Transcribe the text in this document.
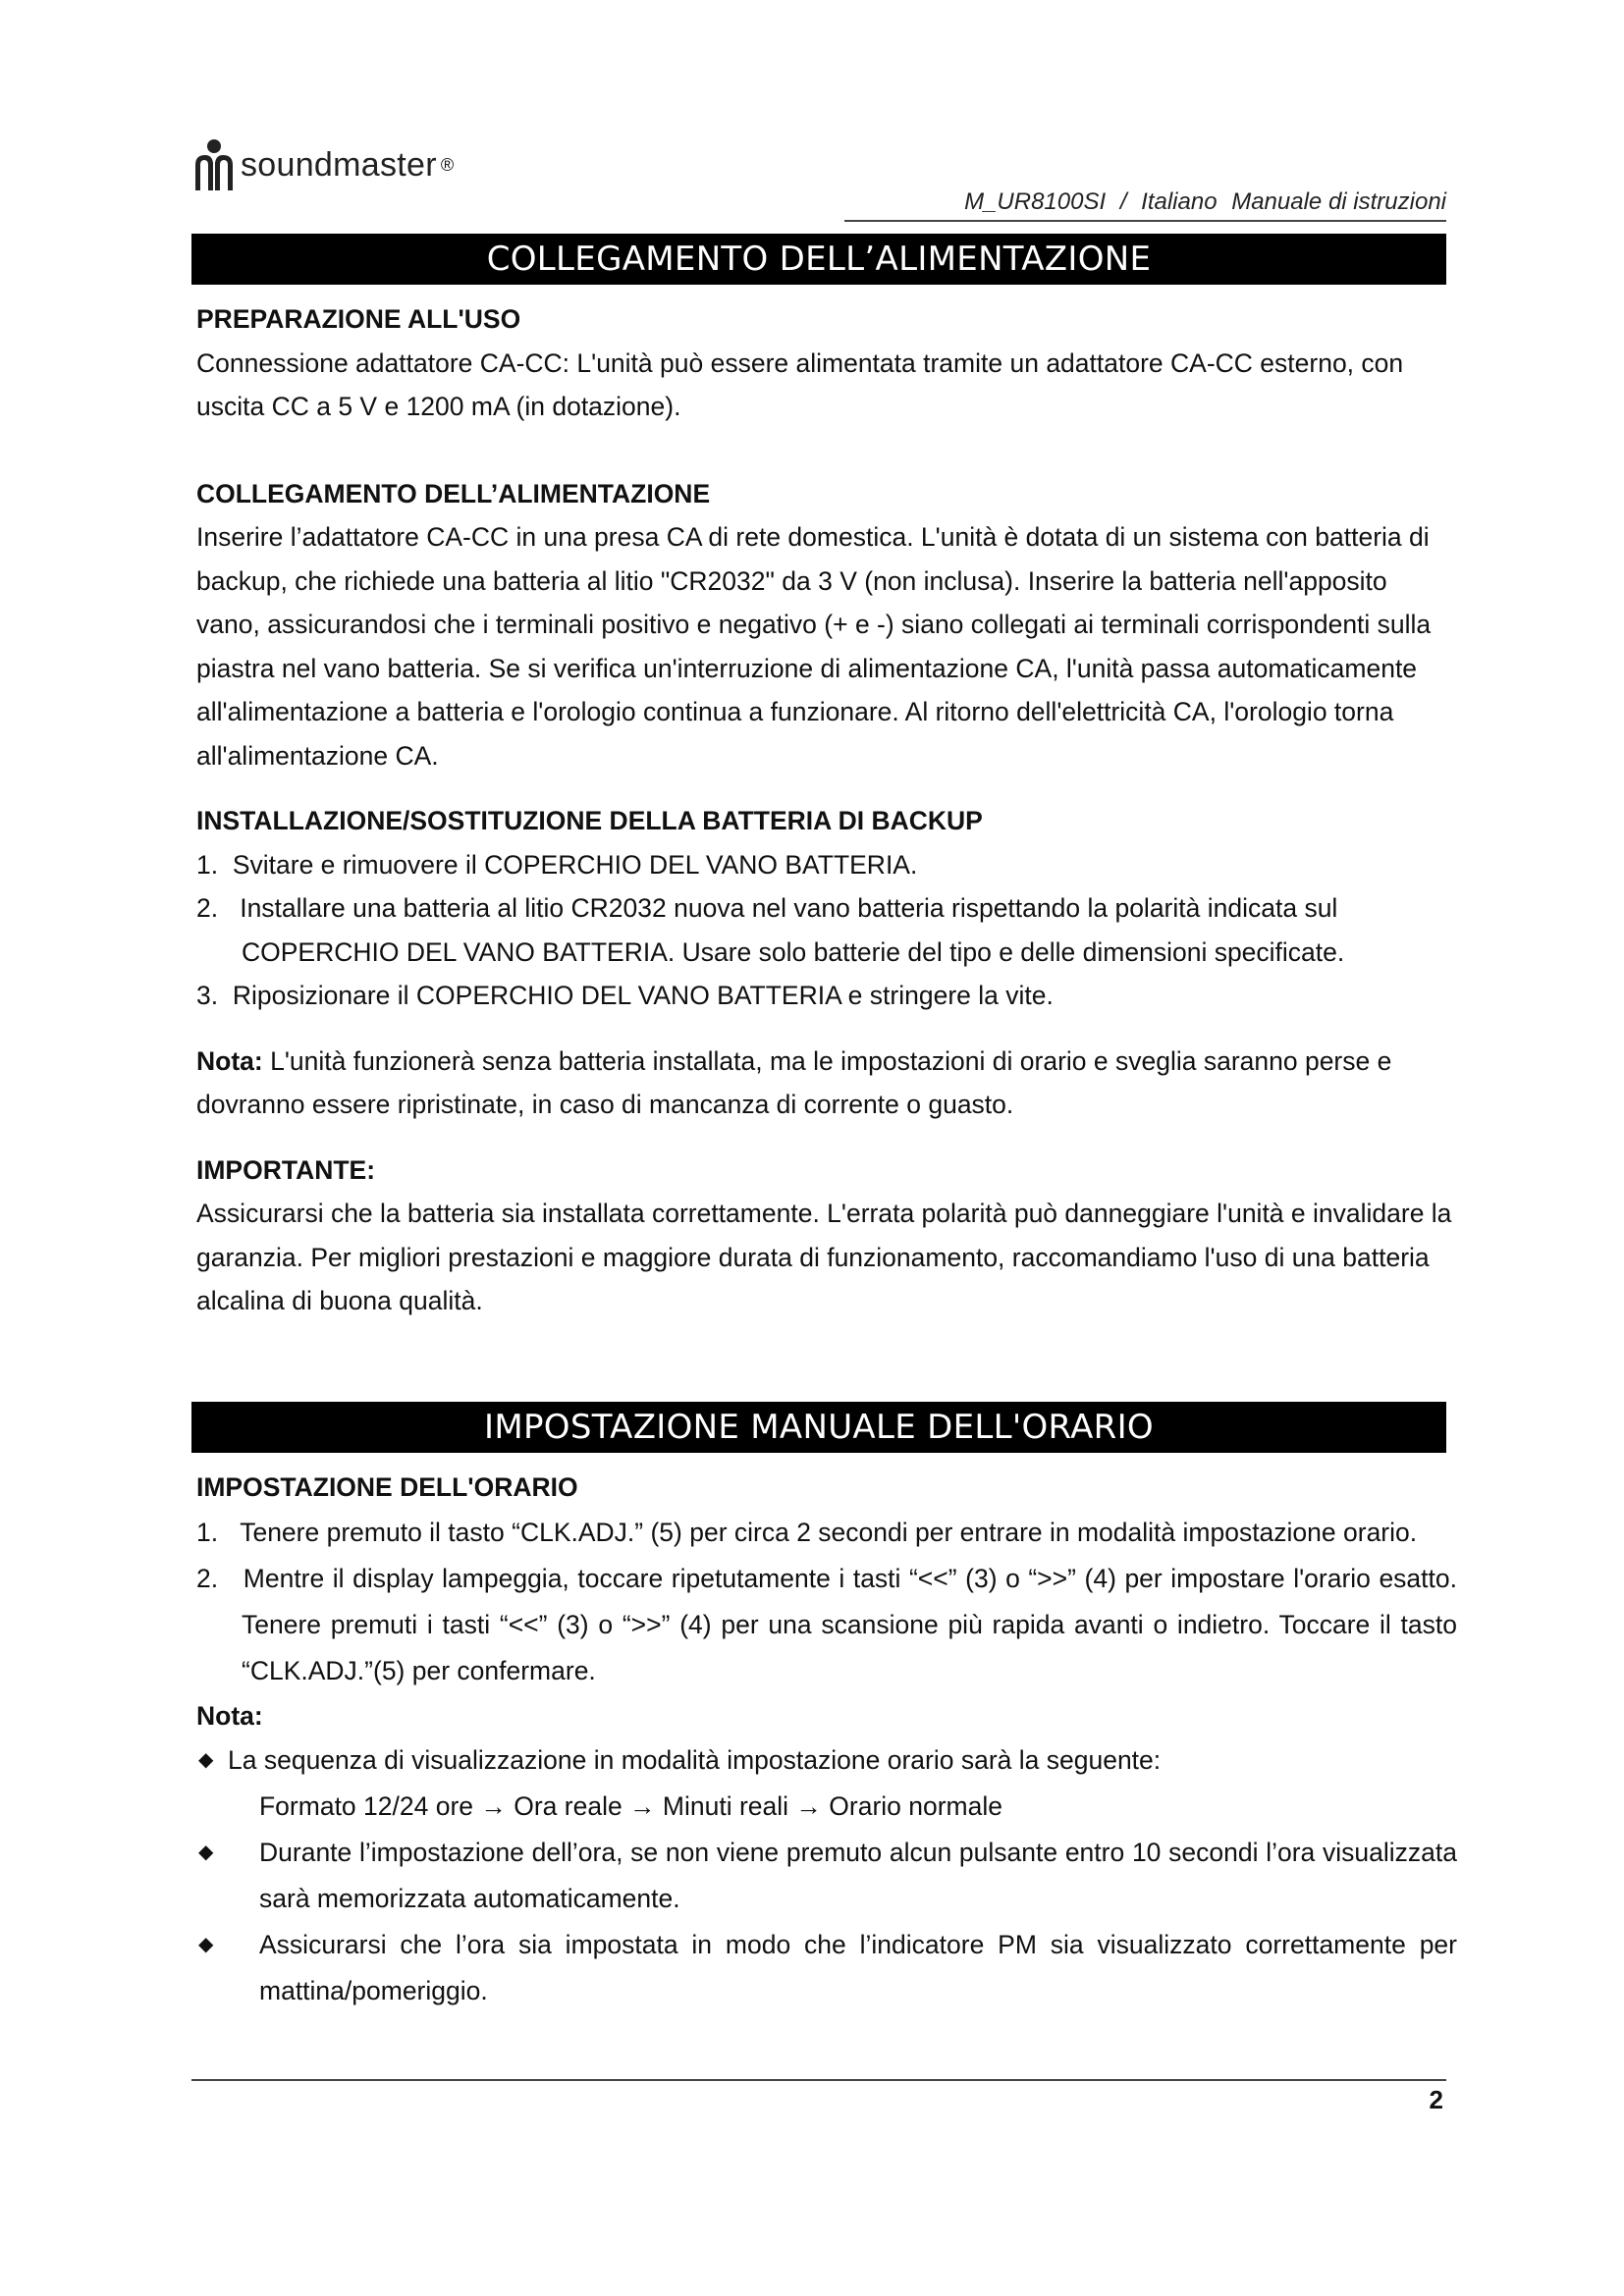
soundmaster ®
M_UR8100SI / Italiano Manuale di istruzioni
COLLEGAMENTO DELL’ALIMENTAZIONE
PREPARAZIONE ALL'USO

Connessione adattatore CA-CC: L'unità può essere alimentata tramite un adattatore CA-CC esterno, con uscita CC a 5 V e 1200 mA (in dotazione).

COLLEGAMENTO DELL’ALIMENTAZIONE

Inserire l’adattatore CA-CC in una presa CA di rete domestica. L'unità è dotata di un sistema con batteria di backup, che richiede una batteria al litio "CR2032" da 3 V (non inclusa). Inserire la batteria nell'apposito vano, assicurandosi che i terminali positivo e negativo (+ e -) siano collegati ai terminali corrispondenti sulla piastra nel vano batteria. Se si verifica un'interruzione di alimentazione CA, l'unità passa automaticamente all'alimentazione a batteria e l'orologio continua a funzionare. Al ritorno dell'elettricità CA, l'orologio torna all'alimentazione CA.

INSTALLAZIONE/SOSTITUZIONE DELLA BATTERIA DI BACKUP
1. Svitare e rimuovere il COPERCHIO DEL VANO BATTERIA.
2. Installare una batteria al litio CR2032 nuova nel vano batteria rispettando la polarità indicata sul COPERCHIO DEL VANO BATTERIA. Usare solo batterie del tipo e delle dimensioni specificate.
3. Riposizionare il COPERCHIO DEL VANO BATTERIA e stringere la vite.

Nota: L'unità funzionerà senza batteria installata, ma le impostazioni di orario e sveglia saranno perse e dovranno essere ripristinate, in caso di mancanza di corrente o guasto.

IMPORTANTE:

Assicurarsi che la batteria sia installata correttamente. L'errata polarità può danneggiare l'unità e invalidare la garanzia. Per migliori prestazioni e maggiore durata di funzionamento, raccomandiamo l'uso di una batteria alcalina di buona qualità.

IMPOSTAZIONE MANUALE DELL'ORARIO
IMPOSTAZIONE DELL'ORARIO
1. Tenere premuto il tasto “CLK.ADJ.” (5) per circa 2 secondi per entrare in modalità impostazione orario.
2. Mentre il display lampeggia, toccare ripetutamente i tasti “<<” (3) o “>>” (4) per impostare l'orario esatto. Tenere premuti i tasti “<<” (3) o “>>” (4) per una scansione più rapida avanti o indietro. Toccare il tasto “CLK.ADJ.”(5) per confermare.
Nota:
◆ La sequenza di visualizzazione in modalità impostazione orario sarà la seguente:
Formato 12/24 ore → Ora reale → Minuti reali → Orario normale
◆ Durante l’impostazione dell’ora, se non viene premuto alcun pulsante entro 10 secondi l’ora visualizzata sarà memorizzata automaticamente.
◆ Assicurarsi che l’ora sia impostata in modo che l’indicatore PM sia visualizzato correttamente per mattina/pomeriggio.
2
